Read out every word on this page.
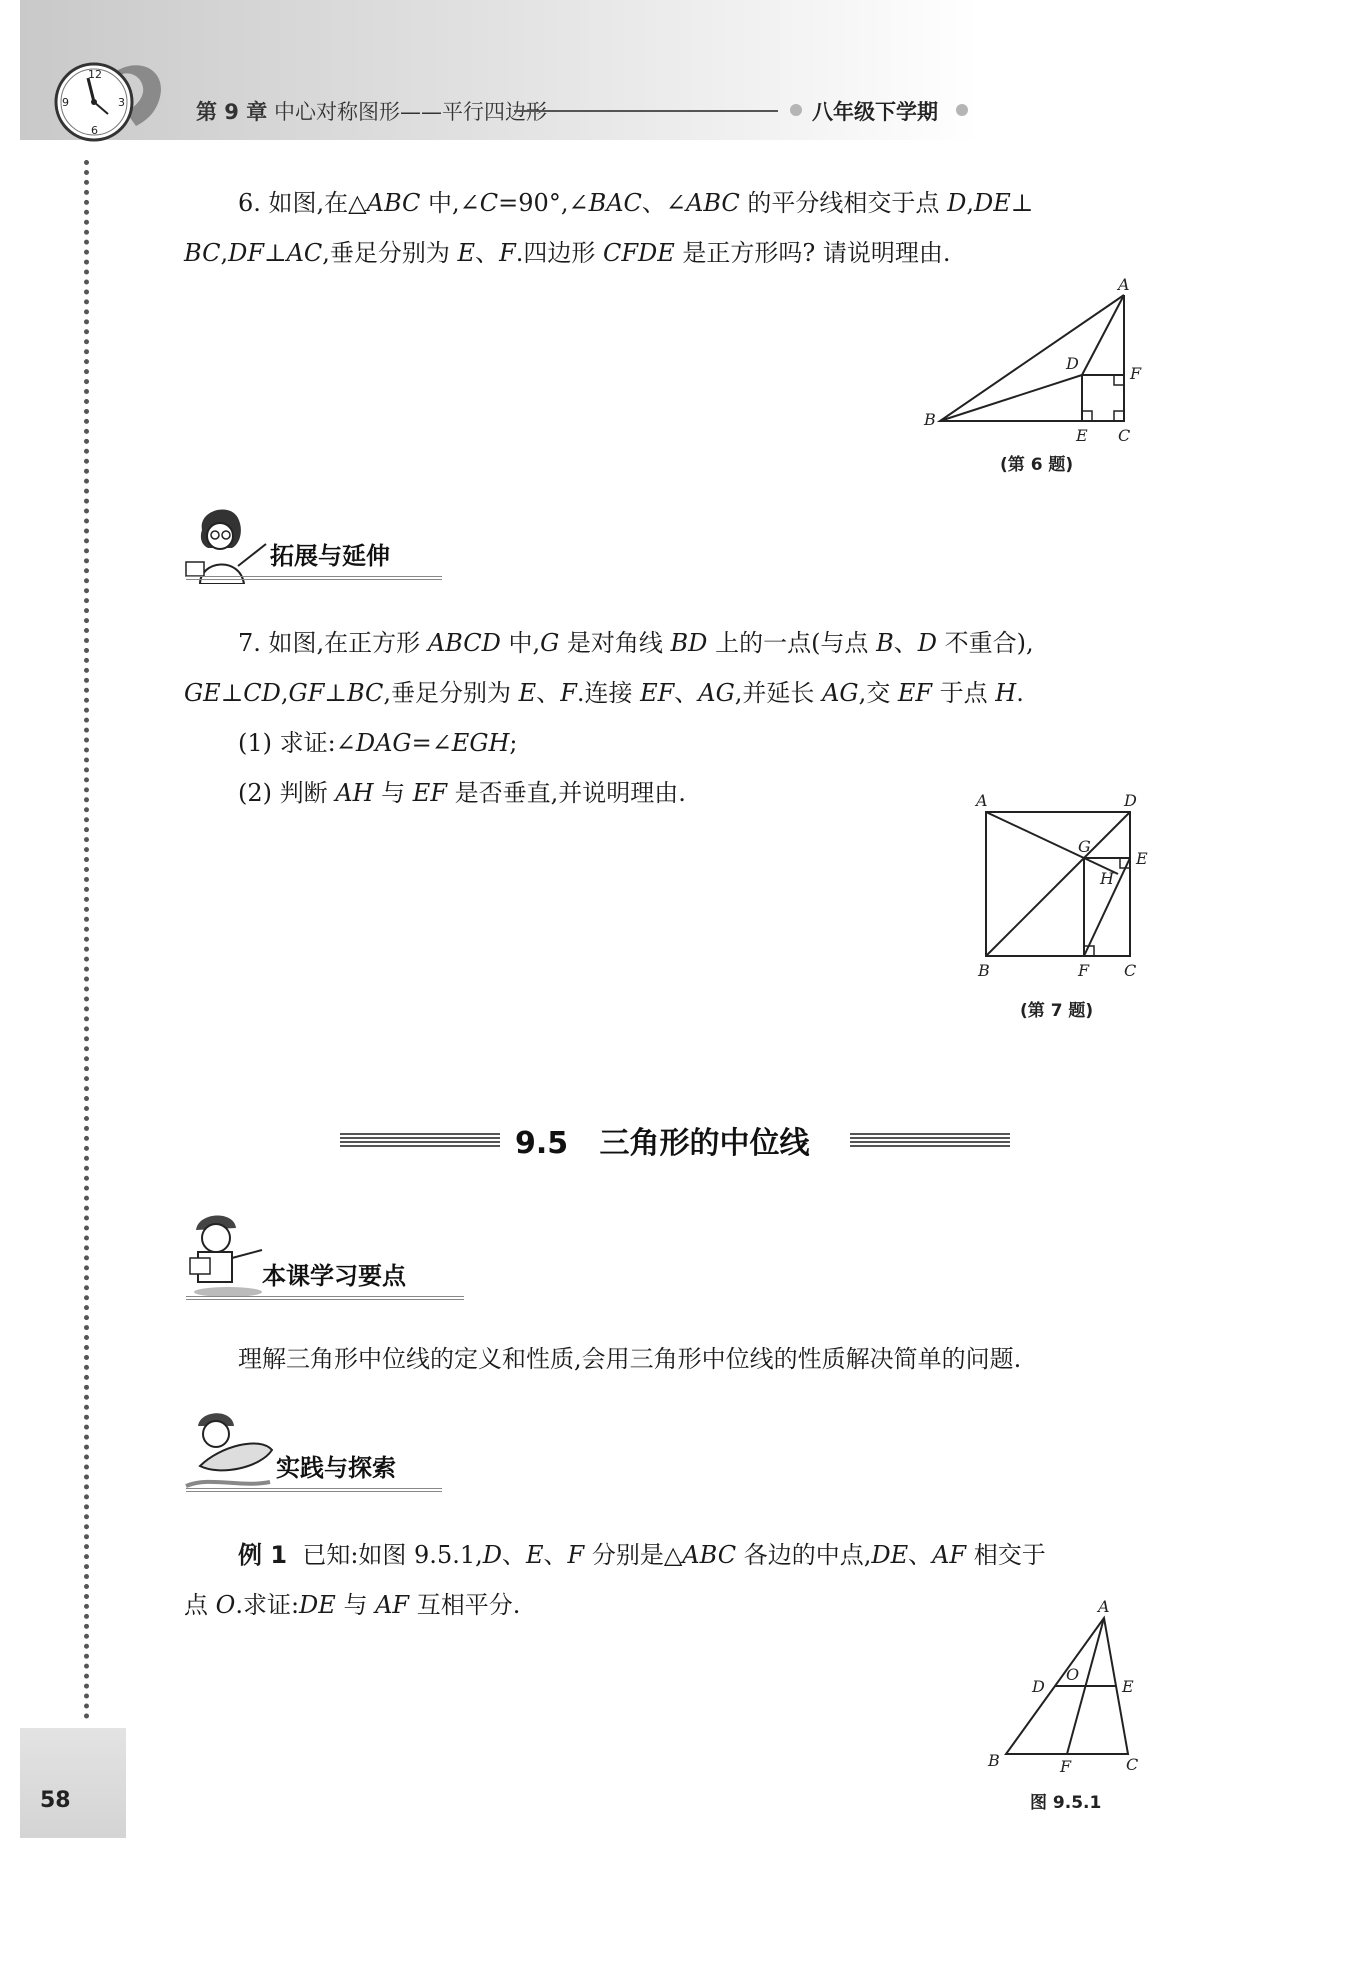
12
3
6
9	第 9 章 中心对称图形——平行四边形	八年级下学期
6. 如图,在△ABC 中,∠C=90°,∠BAC、∠ABC 的平分线相交于点 D,DE⊥
BC,DF⊥AC,垂足分别为 E、F.四边形 CFDE 是正方形吗? 请说明理由.
A
D
F
B
E C
(第 6 题)
拓展与延伸
7. 如图,在正方形 ABCD 中,G 是对角线 BD 上的一点(与点 B、D 不重合),
GE⊥CD,GF⊥BC,垂足分别为 E、F.连接 EF、AG,并延长 AG,交 EF 于点 H.
(1) 求证:∠DAG=∠EGH;
(2) 判断 AH 与 EF 是否垂直,并说明理由.	A	D
G
E
H
B	F C
(第 7 题)
9.5 三角形的中位线
本课学习要点
理解三角形中位线的定义和性质,会用三角形中位线的性质解决简单的问题.
实践与探索
例 1 已知:如图 9.5.1,D、E、F 分别是△ABC 各边的中点,DE、AF 相交于
点 O.求证:DE 与 AF 互相平分.	A
O
D	E
B	F	C
图 9.5.1
58
